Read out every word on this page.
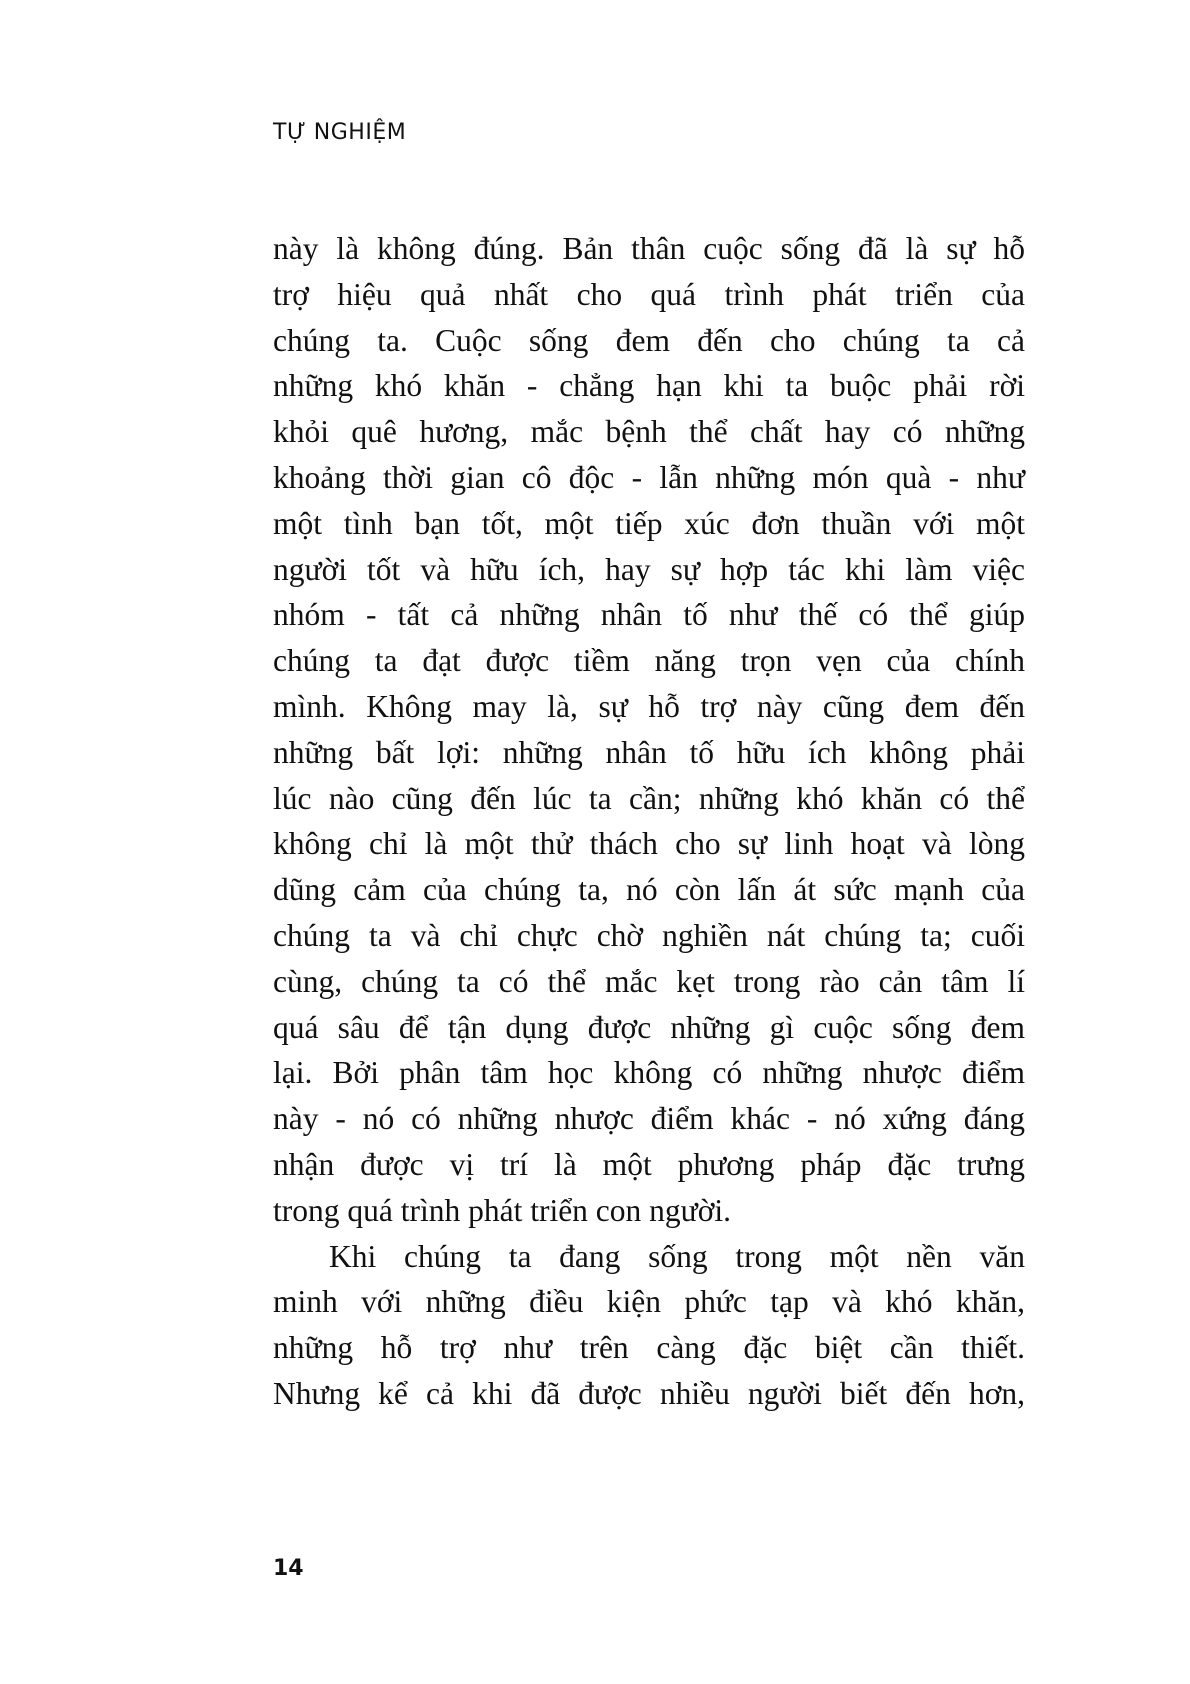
TỰ NGHIỆM
này là không đúng. Bản thân cuộc sống đã là sự hỗ
trợ hiệu quả nhất cho quá trình phát triển của
chúng ta. Cuộc sống đem đến cho chúng ta cả
những khó khăn - chẳng hạn khi ta buộc phải rời
khỏi quê hương, mắc bệnh thể chất hay có những
khoảng thời gian cô độc - lẫn những món quà - như
một tình bạn tốt, một tiếp xúc đơn thuần với một
người tốt và hữu ích, hay sự hợp tác khi làm việc
nhóm - tất cả những nhân tố như thế có thể giúp
chúng ta đạt được tiềm năng trọn vẹn của chính
mình. Không may là, sự hỗ trợ này cũng đem đến
những bất lợi: những nhân tố hữu ích không phải
lúc nào cũng đến lúc ta cần; những khó khăn có thể
không chỉ là một thử thách cho sự linh hoạt và lòng
dũng cảm của chúng ta, nó còn lấn át sức mạnh của
chúng ta và chỉ chực chờ nghiền nát chúng ta; cuối
cùng, chúng ta có thể mắc kẹt trong rào cản tâm lí
quá sâu để tận dụng được những gì cuộc sống đem
lại. Bởi phân tâm học không có những nhược điểm
này - nó có những nhược điểm khác - nó xứng đáng
nhận được vị trí là một phương pháp đặc trưng
trong quá trình phát triển con người.
Khi chúng ta đang sống trong một nền văn
minh với những điều kiện phức tạp và khó khăn,
những hỗ trợ như trên càng đặc biệt cần thiết.
Nhưng kể cả khi đã được nhiều người biết đến hơn,
14
